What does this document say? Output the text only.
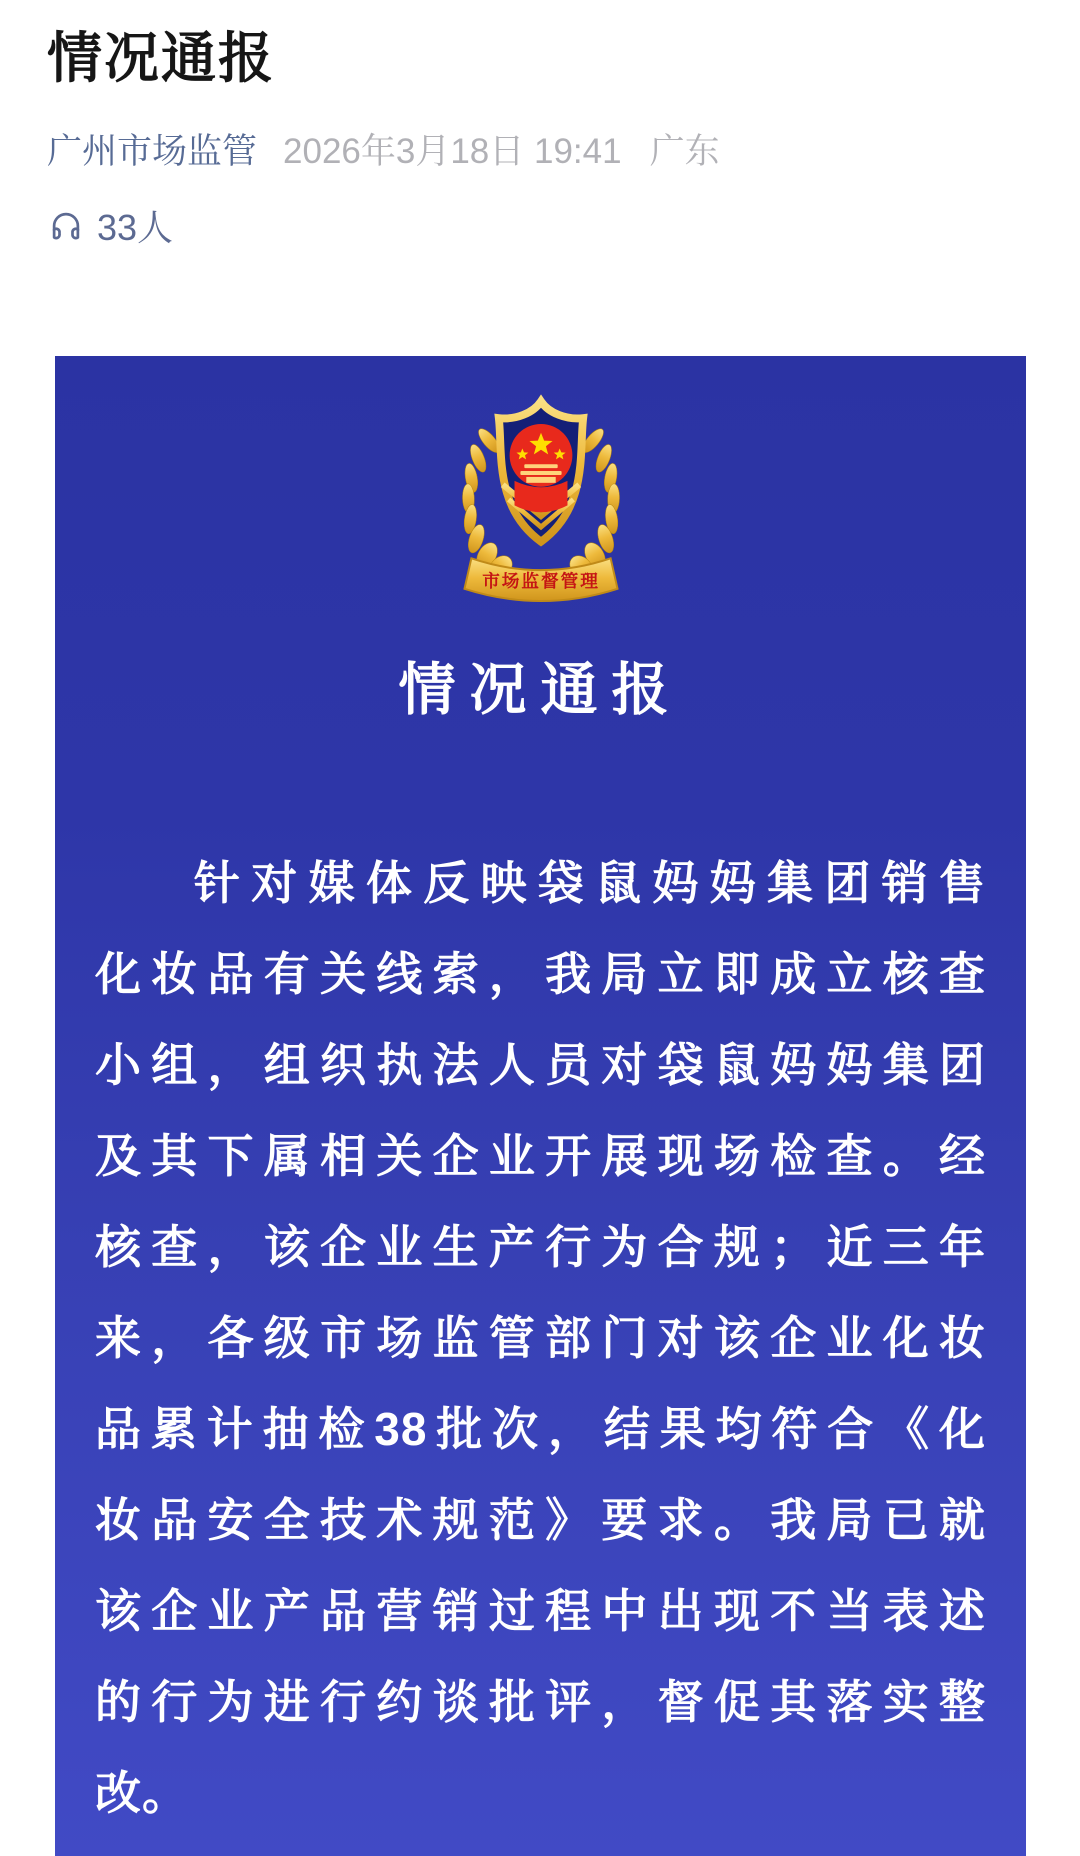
情况通报
广州市场监管 2026年3月18日 19:41 广东
33人
市场监督管理
情况通报
针对媒体反映袋鼠妈妈集团销售
化妆品有关线索，我局立即成立核查
小组，组织执法人员对袋鼠妈妈集团
及其下属相关企业开展现场检查。经
核查，该企业生产行为合规；近三年
来，各级市场监管部门对该企业化妆
品累计抽检38批次，结果均符合《化
妆品安全技术规范》要求。我局已就
该企业产品营销过程中出现不当表述
的行为进行约谈批评，督促其落实整
改。
